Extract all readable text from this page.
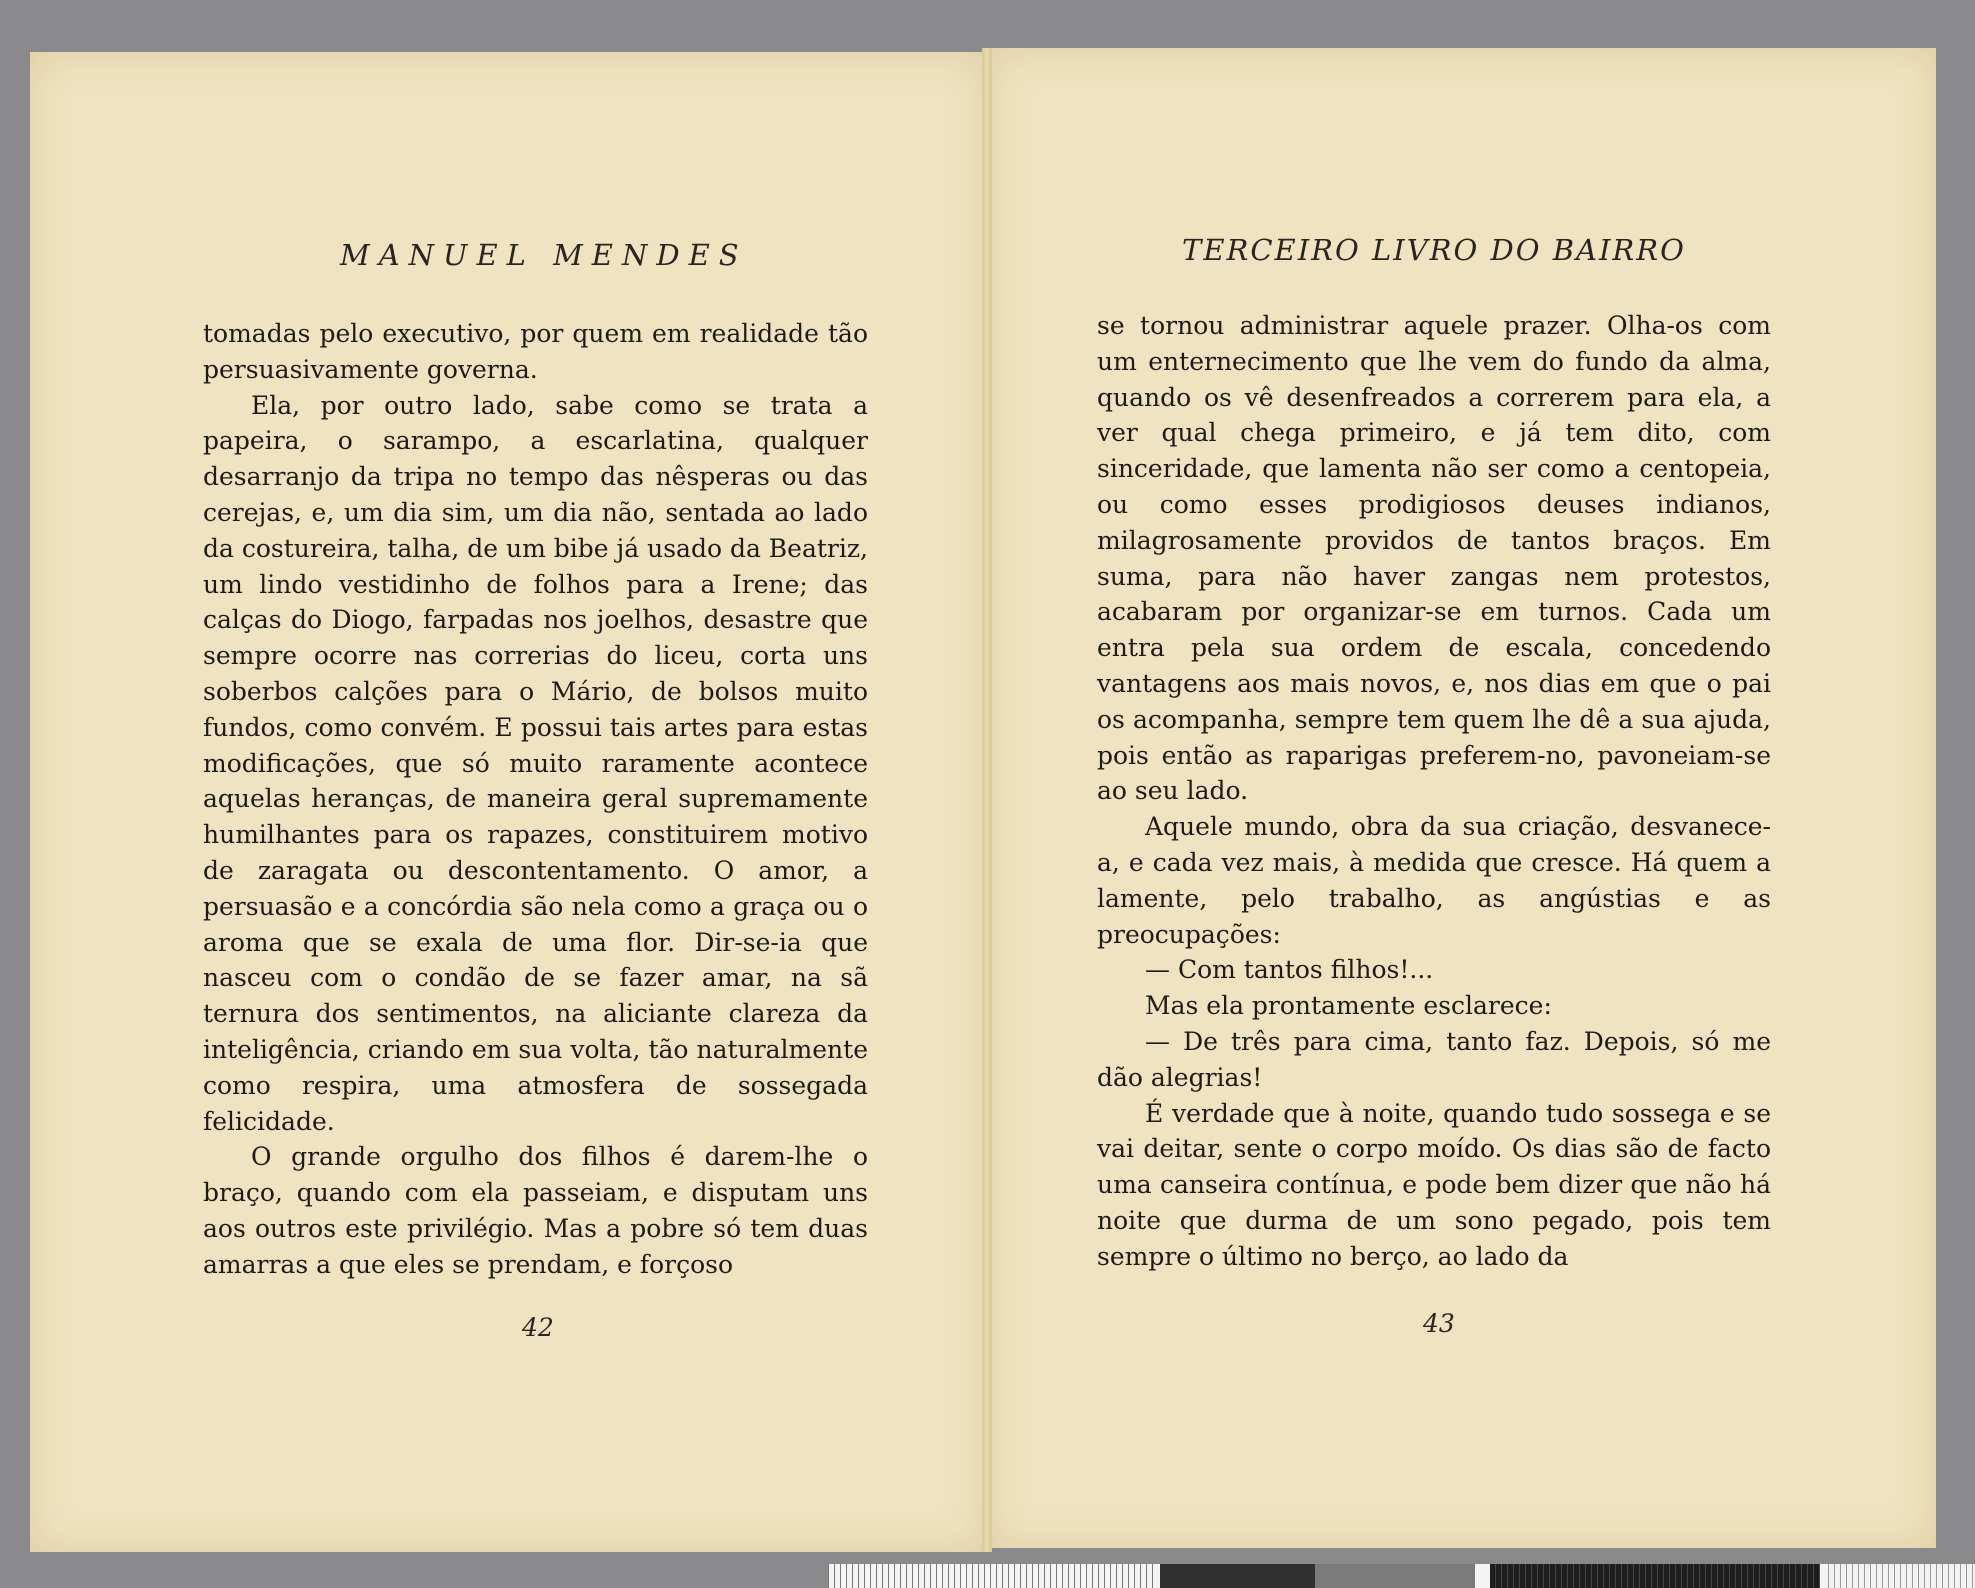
MANUEL MENDES	TERCEIRO LIVRO DO BAIRRO

tomadas pelo executivo, por quem em realidade tão persuasivamente governa.

Ela, por outro lado, sabe como se trata a papeira, o sarampo, a escarlatina, qualquer desarranjo da tripa no tempo das nêsperas ou das cerejas, e, um dia sim, um dia não, sentada ao lado da costureira, talha, de um bibe já usado da Beatriz, um lindo vestidinho de folhos para a Irene; das calças do Diogo, farpadas nos joelhos, desastre que sempre ocorre nas correrias do liceu, corta uns soberbos calções para o Mário, de bolsos muito fundos, como convém. E possui tais artes para estas modificações, que só muito raramente acontece aquelas heranças, de maneira geral supremamente humilhantes para os rapazes, constituirem motivo de zaragata ou descontentamento. O amor, a persuasão e a concórdia são nela como a graça ou o aroma que se exala de uma flor. Dir-se-ia que nasceu com o condão de se fazer amar, na sã ternura dos sentimentos, na aliciante clareza da inteligência, criando em sua volta, tão naturalmente como respira, uma atmosfera de sossegada felicidade.

O grande orgulho dos filhos é darem-lhe o braço, quando com ela passeiam, e disputam uns aos outros este privilégio. Mas a pobre só tem duas amarras a que eles se prendam, e forçoso

se tornou administrar aquele prazer. Olha-os com um enternecimento que lhe vem do fundo da alma, quando os vê desenfreados a correrem para ela, a ver qual chega primeiro, e já tem dito, com sinceridade, que lamenta não ser como a centopeia, ou como esses prodigiosos deuses indianos, milagrosamente providos de tantos braços. Em suma, para não haver zangas nem protestos, acabaram por organizar-se em turnos. Cada um entra pela sua ordem de escala, concedendo vantagens aos mais novos, e, nos dias em que o pai os acompanha, sempre tem quem lhe dê a sua ajuda, pois então as raparigas preferem-no, pavoneiam-se ao seu lado.

Aquele mundo, obra da sua criação, desvanece-a, e cada vez mais, à medida que cresce. Há quem a lamente, pelo trabalho, as angústias e as preocupações:

— Com tantos filhos!...

Mas ela prontamente esclarece:

— De três para cima, tanto faz. Depois, só me dão alegrias!

É verdade que à noite, quando tudo sossega e se vai deitar, sente o corpo moído. Os dias são de facto uma canseira contínua, e pode bem dizer que não há noite que durma de um sono pegado, pois tem sempre o último no berço, ao lado da

42	43
